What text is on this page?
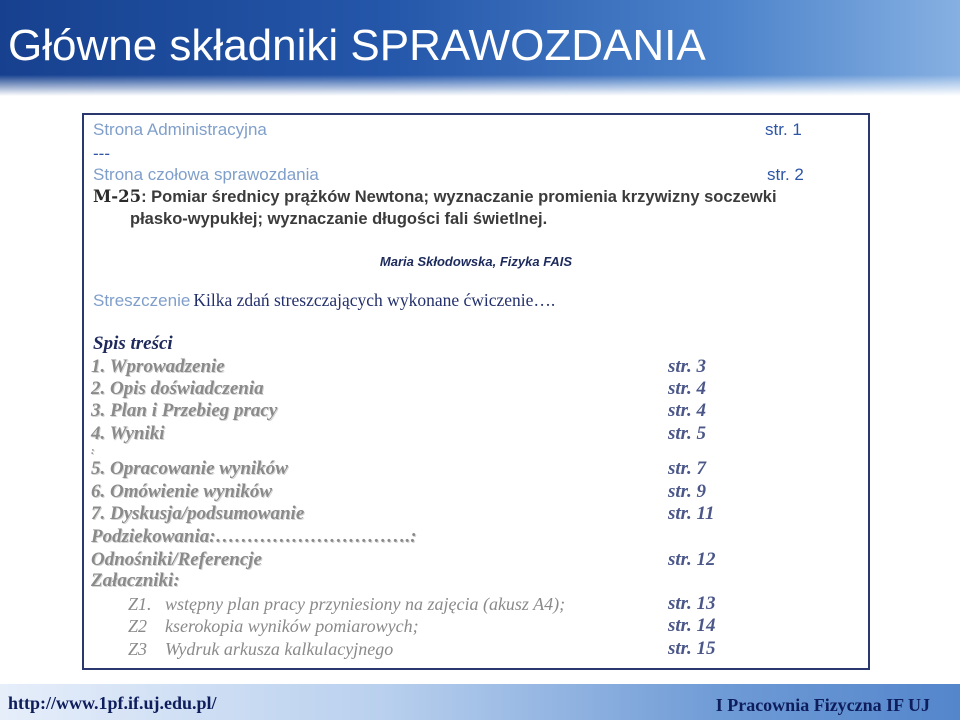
Główne składniki SPRAWOZDANIA
Strona Administracyjna	str. 1
---
Strona czołowa sprawozdania	str. 2
M-25: Pomiar średnicy prążków Newtona; wyznaczanie promienia krzywizny soczewki
płasko-wypukłej; wyznaczanie długości fali świetlnej.
Maria Skłodowska, Fizyka FAIS
Streszczenie Kilka zdań streszczających wykonane ćwiczenie….
Spis treści
1. Wprowadzenie	str. 3
2. Opis doświadczenia	str. 4
3. Plan i Przebieg pracy	str. 4
4. Wyniki	str. 5
:
5. Opracowanie wyników	str. 7
6. Omówienie wyników	str. 9
7. Dyskusja/podsumowanie	str. 11
Podziekowania:………………………….:
Odnośniki/Referencje	str. 12
Załaczniki:
Z1. wstępny plan pracy przyniesiony na zajęcia (akusz A4);	str. 13
Z2 kserokopia wyników pomiarowych;	str. 14
Z3 Wydruk arkusza kalkulacyjnego	str. 15
http://www.1pf.if.uj.edu.pl/	I Pracownia Fizyczna IF UJ
